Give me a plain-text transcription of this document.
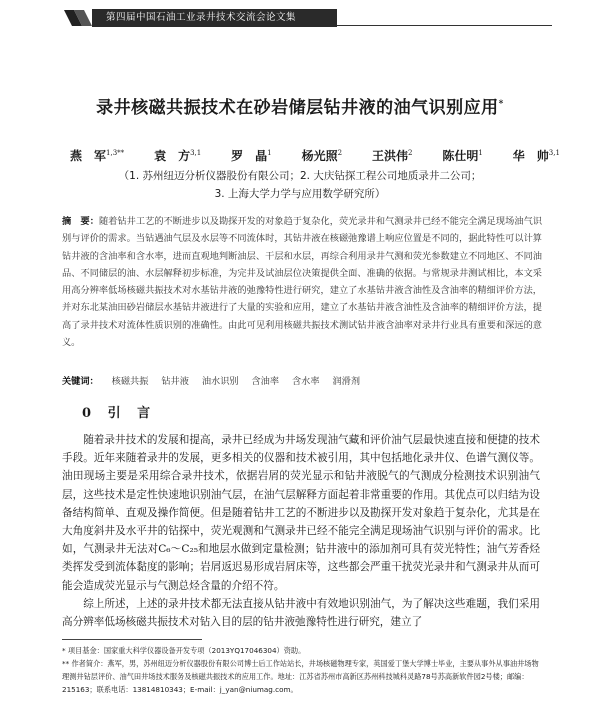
第四届中国石油工业录井技术交流会论文集
录井核磁共振技术在砂岩储层钻井液的油气识别应用*
燕　军$^{1,3**}$ 袁　方$^{3,1}$ 罗　晶$^1$ 杨光照$^2$ 王洪伟$^2$ 陈仕明$^1$ 华　帅$^{3,1}$
（1. 苏州纽迈分析仪器股份有限公司；2. 大庆钻探工程公司地质录井二公司；
3. 上海大学力学与应用数学研究所）
摘　要：随着钻井工艺的不断进步以及勘探开发的对象趋于复杂化，荧光录井和气测录井已经不能完全满足现场油气识别与评价的需求。当钻遇油气层及水层等不同流体时，其钻井液在核磁弛豫谱上响应位置是不同的，据此特性可以计算钻井液的含油率和含水率，进而直观地判断油层、干层和水层，再综合利用录井气测和荧光参数建立不同地区、不同油品、不同储层的油、水层解释初步标准，为完井及试油层位决策提供全面、准确的依据。与常规录井测试相比，本文采用高分辨率低场核磁共振技术对水基钻井液的弛豫特性进行研究，建立了水基钻井液含油性及含油率的精细评价方法，并对东北某油田砂岩储层水基钻井液进行了大量的实验和应用，建立了水基钻井液含油性及含油率的精细评价方法，提高了录井技术对流体性质识别的准确性。由此可见利用核磁共振技术测试钻井液含油率对录井行业具有重要和深远的意义。
关键词： 核磁共振 钻井液 油水识别 含油率 含水率 润滑剂
0 引 言

随着录井技术的发展和提高，录井已经成为井场发现油气藏和评价油气层最快速直接和便捷的技术手段。近年来随着录井的发展，更多相关的仪器和技术被引用，其中包括地化录井仪、色谱气测仪等。油田现场主要是采用综合录井技术，依据岩屑的荧光显示和钻井液脱气的气测成分检测技术识别油气层，这些技术是定性快速地识别油气层，在油气层解释方面起着非常重要的作用。其优点可以归结为设备结构简单、直观及操作简便。但是随着钻井工艺的不断进步以及勘探开发对象趋于复杂化，尤其是在大角度斜井及水平井的钻探中，荧光观测和气测录井已经不能完全满足现场油气识别与评价的需求。比如，气测录井无法对C₆～C₂₅和地层水做到定量检测；钻井液中的添加剂可具有荧光特性；油气芳香烃类挥发受到流体黏度的影响；岩屑返迟易形成岩屑床等，这些都会严重干扰荧光录井和气测录井从而可能会造成荧光显示与气测总烃含量的介绍不符。

综上所述，上述的录井技术都无法直接从钻井液中有效地识别油气，为了解决这些难题，我们采用高分辨率低场核磁共振技术对钻入目的层的钻井液弛豫特性进行研究，建立了

* 项目基金：国家重大科学仪器设备开发专项（2013YQ17046304）资助。
** 作者简介：燕军，男，苏州纽迈分析仪器股份有限公司博士后工作站站长，井场核磁物理专家，英国爱丁堡大学博士毕业，主要从事外从事油井场物理测井钻层评价、油气田井场技术服务及核磁共振技术的应用工作。地址：江苏省苏州市高新区苏州科技城科灵路78号苏高新软件园2号楼；邮编：215163；联系电话：13814810343；E-mail：j_yan@niumag.com。
